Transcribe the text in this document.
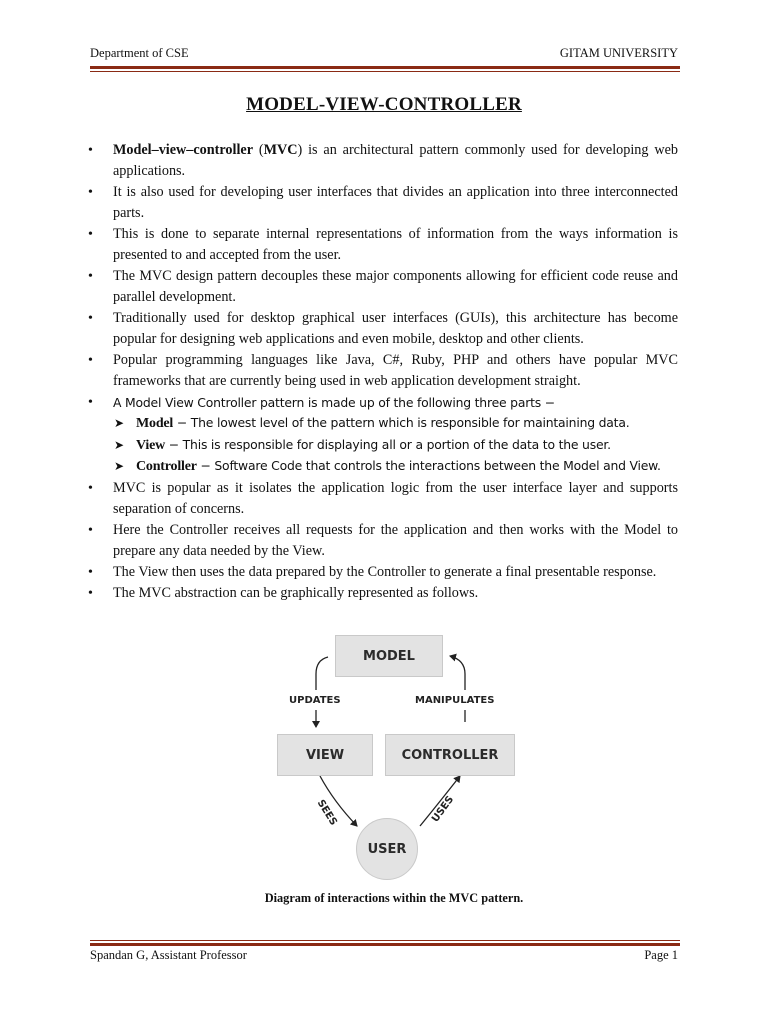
Department of CSE	GITAM UNIVERSITY
MODEL-VIEW-CONTROLLER
• Model–view–controller (MVC) is an architectural pattern commonly used for developing web applications.
• It is also used for developing user interfaces that divides an application into three interconnected parts.
• This is done to separate internal representations of information from the ways information is presented to and accepted from the user.
• The MVC design pattern decouples these major components allowing for efficient code reuse and parallel development.
• Traditionally used for desktop graphical user interfaces (GUIs), this architecture has become popular for designing web applications and even mobile, desktop and other clients.
• Popular programming languages like Java, C#, Ruby, PHP and others have popular MVC frameworks that are currently being used in web application development straight.
• A Model View Controller pattern is made up of the following three parts −
➤ Model − The lowest level of the pattern which is responsible for maintaining data.
➤ View − This is responsible for displaying all or a portion of the data to the user.
➤ Controller − Software Code that controls the interactions between the Model and View.
• MVC is popular as it isolates the application logic from the user interface layer and supports separation of concerns.
• Here the Controller receives all requests for the application and then works with the Model to prepare any data needed by the View.
• The View then uses the data prepared by the Controller to generate a final presentable response.
• The MVC abstraction can be graphically represented as follows.
MODEL
VIEW	CONTROLLER
USER
UPDATES	MANIPULATES
SEES	USES
Diagram of interactions within the MVC pattern.
Spandan G, Assistant Professor	Page 1
